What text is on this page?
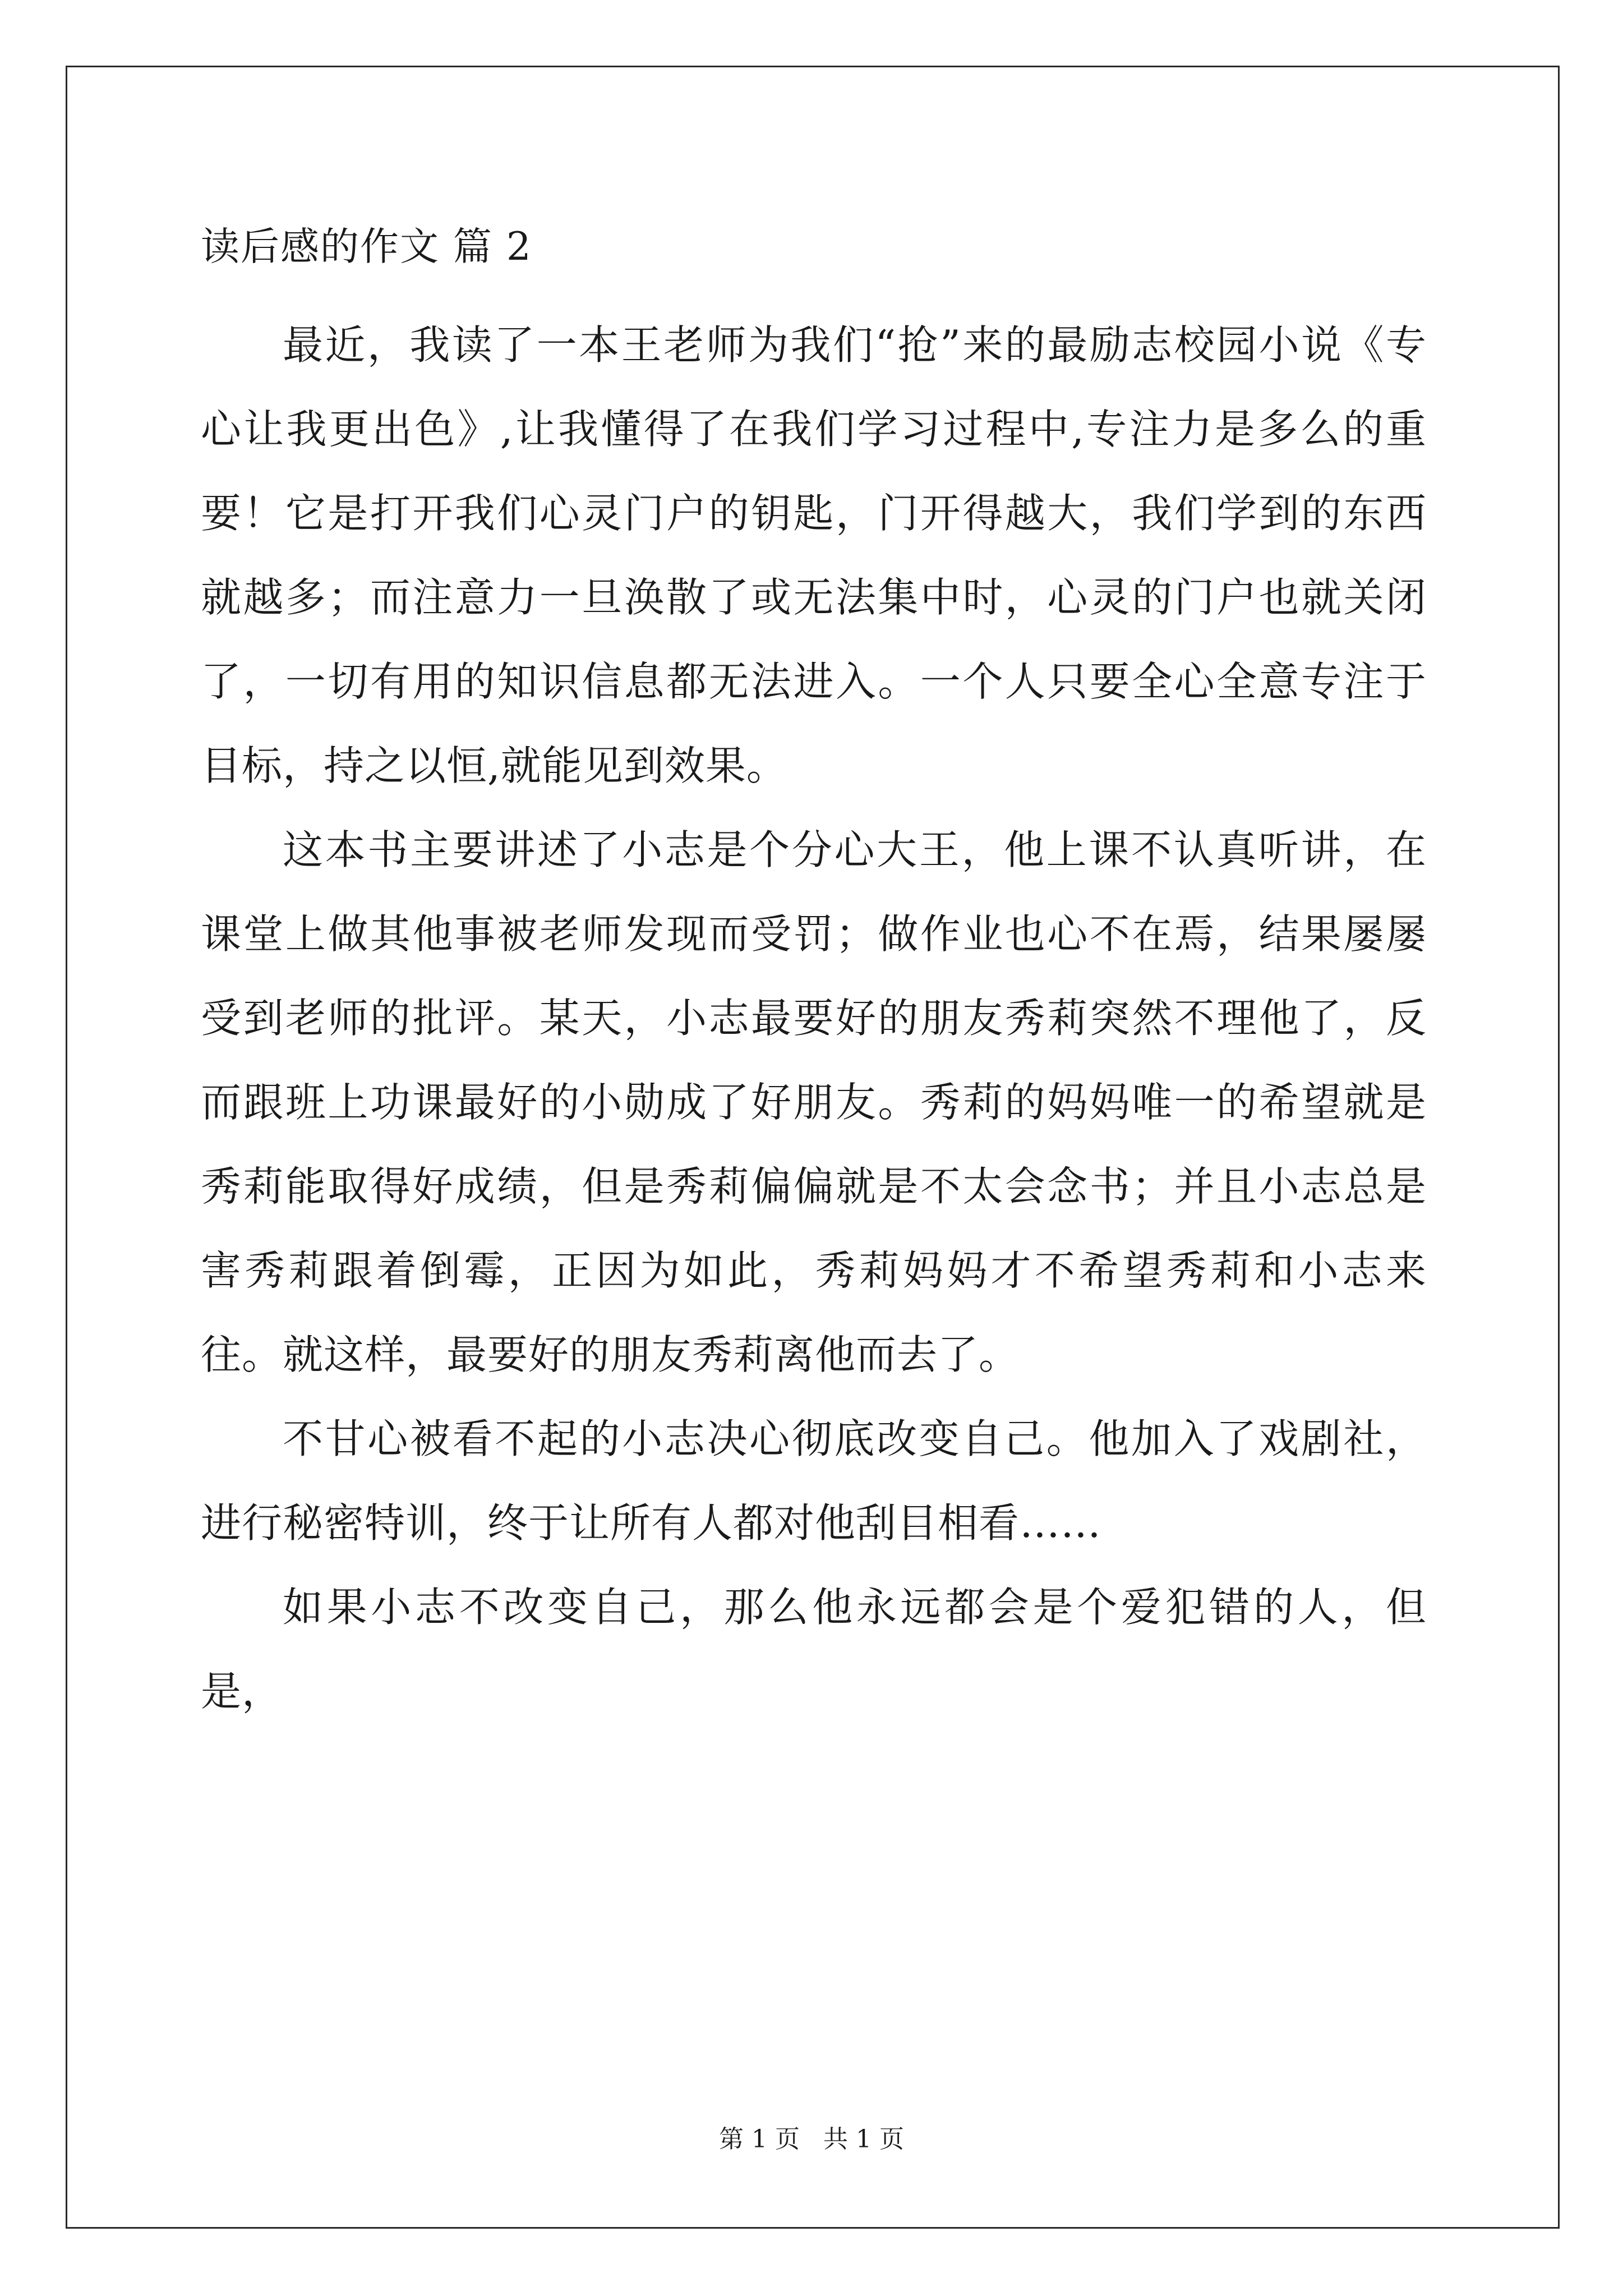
读后感的作文 篇 2

最近，我读了一本王老师为我们“抢”来的最励志校园小说《专心让我更出色》,让我懂得了在我们学习过程中,专注力是多么的重要！它是打开我们心灵门户的钥匙，门开得越大，我们学到的东西就越多；而注意力一旦涣散了或无法集中时，心灵的门户也就关闭了，一切有用的知识信息都无法进入。一个人只要全心全意专注于目标，持之以恒,就能见到效果。

这本书主要讲述了小志是个分心大王，他上课不认真听讲，在课堂上做其他事被老师发现而受罚；做作业也心不在焉，结果屡屡受到老师的批评。某天，小志最要好的朋友秀莉突然不理他了，反而跟班上功课最好的小勋成了好朋友。秀莉的妈妈唯一的希望就是秀莉能取得好成绩，但是秀莉偏偏就是不太会念书；并且小志总是害秀莉跟着倒霉，正因为如此，秀莉妈妈才不希望秀莉和小志来往。就这样，最要好的朋友秀莉离他而去了。

不甘心被看不起的小志决心彻底改变自己。他加入了戏剧社，进行秘密特训，终于让所有人都对他刮目相看……

如果小志不改变自己，那么他永远都会是个爱犯错的人，但是，

第 1 页   共 1 页
